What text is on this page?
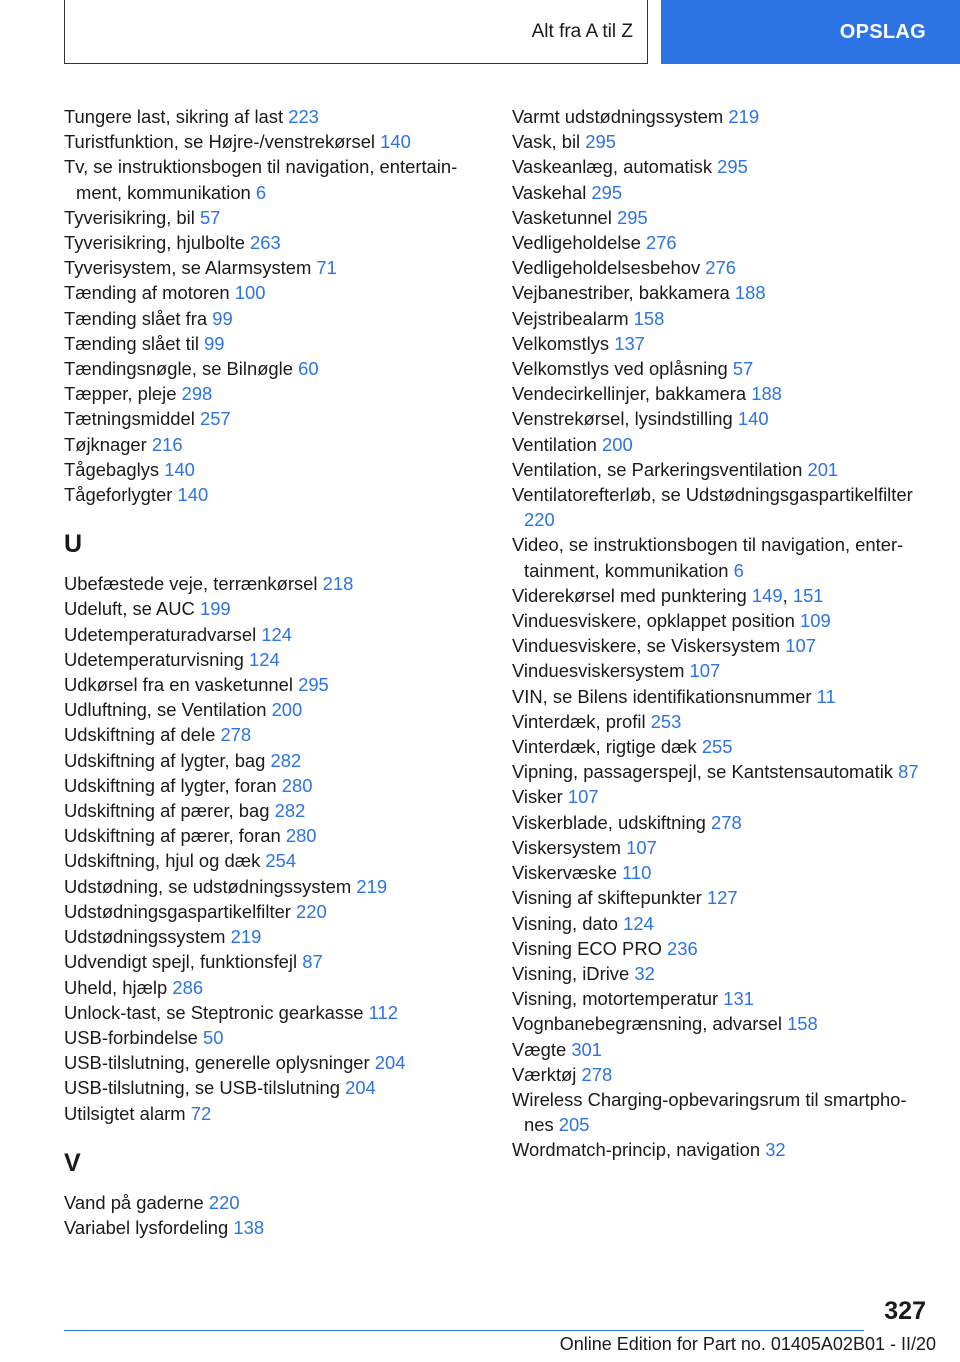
Alt fra A til Z	OPSLAG
Tungere last, sikring af last 223
Turistfunktion, se Højre-/venstrekørsel 140
Tv, se instruktionsbogen til navigation, entertainment, kommunikation 6
Tyverisikring, bil 57
Tyverisikring, hjulbolte 263
Tyverisystem, se Alarmsystem 71
Tænding af motoren 100
Tænding slået fra 99
Tænding slået til 99
Tændingsnøgle, se Bilnøgle 60
Tæpper, pleje 298
Tætningsmiddel 257
Tøjknager 216
Tågebaglys 140
Tågeforlygter 140
U
Ubefæstede veje, terrænkørsel 218
Udeluft, se AUC 199
Udetemperaturadvarsel 124
Udetemperaturvisning 124
Udkørsel fra en vasketunnel 295
Udluftning, se Ventilation 200
Udskiftning af dele 278
Udskiftning af lygter, bag 282
Udskiftning af lygter, foran 280
Udskiftning af pærer, bag 282
Udskiftning af pærer, foran 280
Udskiftning, hjul og dæk 254
Udstødning, se udstødningssystem 219
Udstødningsgaspartikelfilter 220
Udstødningssystem 219
Udvendigt spejl, funktionsfejl 87
Uheld, hjælp 286
Unlock-tast, se Steptronic gearkasse 112
USB-forbindelse 50
USB-tilslutning, generelle oplysninger 204
USB-tilslutning, se USB-tilslutning 204
Utilsigtet alarm 72
V
Vand på gaderne 220
Variabel lysfordeling 138
Varmt udstødningssystem 219
Vask, bil 295
Vaskeanlæg, automatisk 295
Vaskehal 295
Vasketunnel 295
Vedligeholdelse 276
Vedligeholdelsesbehov 276
Vejbanestriber, bakkamera 188
Vejstribealarm 158
Velkomstlys 137
Velkomstlys ved oplåsning 57
Vendecirkellinjer, bakkamera 188
Venstrekørsel, lysindstilling 140
Ventilation 200
Ventilation, se Parkeringsventilation 201
Ventilatorefterløb, se Udstødningsgaspartikelfilter 220
Video, se instruktionsbogen til navigation, entertainment, kommunikation 6
Viderekørsel med punktering 149, 151
Vinduesviskere, opklappet position 109
Vinduesviskere, se Viskersystem 107
Vinduesviskersystem 107
VIN, se Bilens identifikationsnummer 11
Vinterdæk, profil 253
Vinterdæk, rigtige dæk 255
Vipning, passagerspejl, se Kantstensautomatik 87
Visker 107
Viskerblade, udskiftning 278
Viskersystem 107
Viskervæske 110
Visning af skiftepunkter 127
Visning, dato 124
Visning ECO PRO 236
Visning, iDrive 32
Visning, motortemperatur 131
Vognbanebegrænsning, advarsel 158
Vægte 301
Værktøj 278
Wireless Charging-opbevaringsrum til smartphones 205
Wordmatch-princip, navigation 32
327
Online Edition for Part no. 01405A02B01 - II/20
